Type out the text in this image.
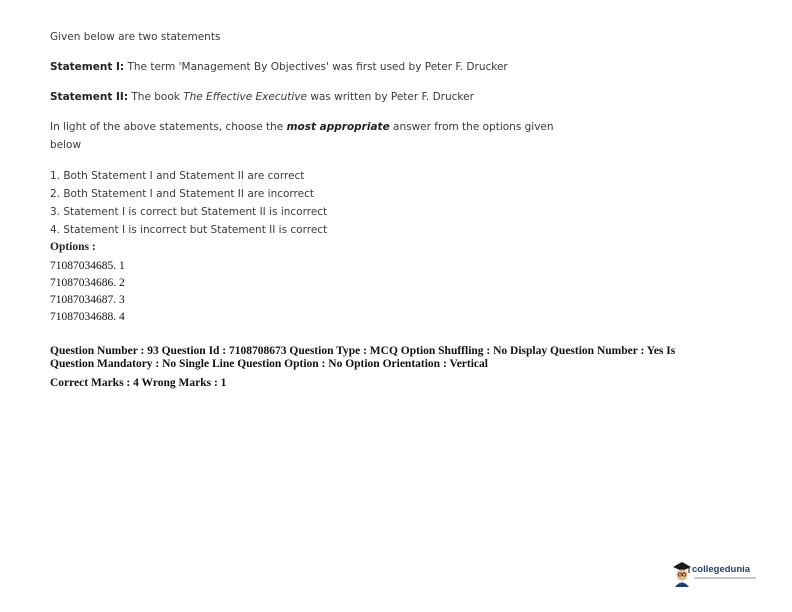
Given below are two statements
Statement I: The term 'Management By Objectives' was first used by Peter F. Drucker
Statement II: The book The Effective Executive was written by Peter F. Drucker
In light of the above statements, choose the most appropriate answer from the options given
below
1. Both Statement I and Statement II are correct
2. Both Statement I and Statement II are incorrect
3. Statement I is correct but Statement II is incorrect
4. Statement I is incorrect but Statement II is correct
Options :
71087034685. 1
71087034686. 2
71087034687. 3
71087034688. 4
Question Number : 93 Question Id : 7108708673 Question Type : MCQ Option Shuffling : No Display Question Number : Yes Is
Question Mandatory : No Single Line Question Option : No Option Orientation : Vertical
Correct Marks : 4 Wrong Marks : 1
collegedunia
